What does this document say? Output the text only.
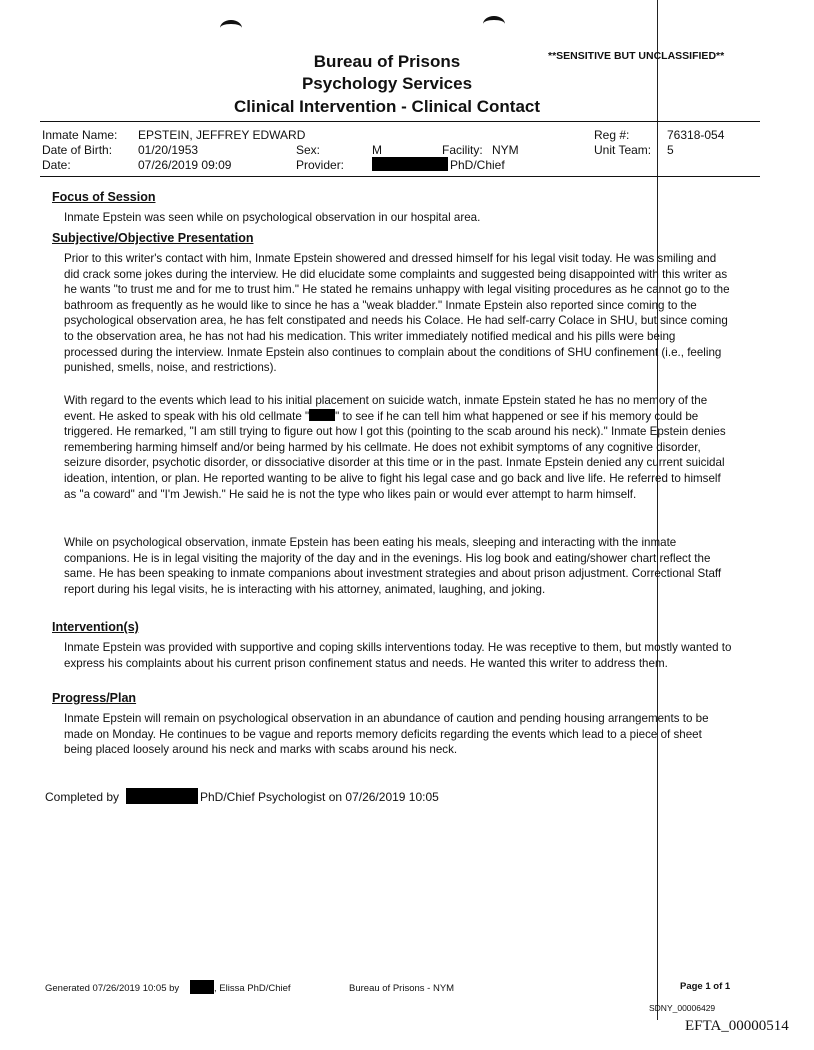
Bureau of Prisons
Psychology Services
Clinical Intervention - Clinical Contact
**SENSITIVE BUT UNCLASSIFIED**
Inmate Name: EPSTEIN, JEFFREY EDWARD
Date of Birth: 01/20/1953
Date:	07/26/2019 09:09
Sex:	M
Provider:	PhD/Chief
Facility: NYM
Reg #:	76318-054
Unit Team: 5
Focus of Session
Inmate Epstein was seen while on psychological observation in our hospital area.
Subjective/Objective Presentation
Prior to this writer's contact with him, Inmate Epstein showered and dressed himself for his legal visit today. He was smiling and did crack some jokes during the interview. He did elucidate some complaints and suggested being disappointed with this writer as he wants "to trust me and for me to trust him." He stated he remains unhappy with legal visiting procedures as he cannot go to the bathroom as frequently as he would like to since he has a "weak bladder." Inmate Epstein also reported since coming to the psychological observation area, he has felt constipated and needs his Colace. He had self-carry Colace in SHU, but since coming to the observation area, he has not had his medication. This writer immediately notified medical and his pills were being processed during the interview. Inmate Epstein also continues to complain about the conditions of SHU confinement (i.e., feeling punished, smells, noise, and restrictions).
With regard to the events which lead to his initial placement on suicide watch, inmate Epstein stated he has no memory of the event. He asked to speak with his old cellmate " " to see if he can tell him what happened or see if his memory could be triggered. He remarked, "I am still trying to figure out how I got this (pointing to the scab around his neck)." Inmate Epstein denies remembering harming himself and/or being harmed by his cellmate. He does not exhibit symptoms of any cognitive disorder, seizure disorder, psychotic disorder, or dissociative disorder at this time or in the past. Inmate Epstein denied any current suicidal ideation, intention, or plan. He reported wanting to be alive to fight his legal case and go back and live life. He referred to himself as "a coward" and "I'm Jewish." He said he is not the type who likes pain or would ever attempt to harm himself.
While on psychological observation, inmate Epstein has been eating his meals, sleeping and interacting with the inmate companions. He is in legal visiting the majority of the day and in the evenings. His log book and eating/shower chart reflect the same. He has been speaking to inmate companions about investment strategies and about prison adjustment. Correctional Staff report during his legal visits, he is interacting with his attorney, animated, laughing, and joking.
Intervention(s)
Inmate Epstein was provided with supportive and coping skills interventions today. He was receptive to them, but mostly wanted to express his complaints about his current prison confinement status and needs. He wanted this writer to address them.
Progress/Plan
Inmate Epstein will remain on psychological observation in an abundance of caution and pending housing arrangements to be made on Monday. He continues to be vague and reports memory deficits regarding the events which lead to a piece of sheet being placed loosely around his neck and marks with scabs around his neck.
Completed by	PhD/Chief Psychologist on 07/26/2019 10:05
Generated 07/26/2019 10:05 by	, Elissa PhD/Chief	Bureau of Prisons - NYM	Page 1 of 1
SDNY_00006429
EFTA_00000514
